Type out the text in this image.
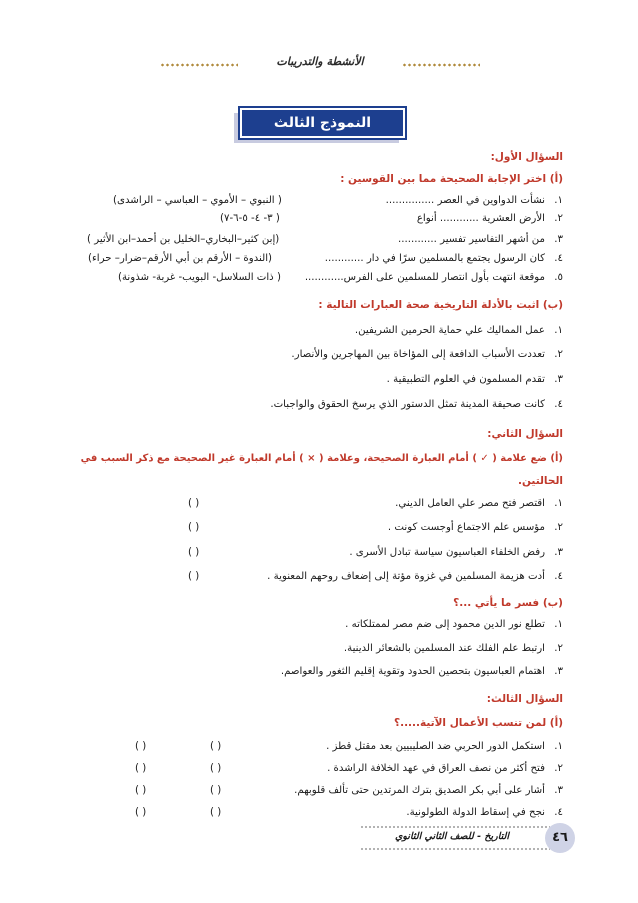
الأنشطة والتدريبات
النموذج الثالث
السؤال الأول:
(أ) اختر الإجابة الصحيحة مما بين القوسين :
١.نشأت الدواوين في العصر ...............
( النبوي – الأموي – العباسي – الراشدى)
٢.الأرض العشرية ............ أنواع
( ٣- ٤- ٥-٦-٧)
٣.من أشهر التفاسير تفسير ............
(إبن كثير–البخاري–الخليل بن أحمد–ابن الأثير )
٤.كان الرسول يجتمع بالمسلمين سرًا في دار ............
(الندوة – الأرقم بن أبي الأرقم–ضرار– حراء)
٥.موقعة انتهت بأول انتصار للمسلمين على الفرس............
( ذات السلاسل- البويب- غربة- شذونة)
(ب) اثبت بالأدلة التاريخية صحة العبارات التالية :
١.عمل المماليك علي حماية الحرمين الشريفين.
٢.تعددت الأسباب الدافعة إلى المؤاخاة بين المهاجرين والأنصار.
٣.تقدم المسلمون في العلوم التطبيقية .
٤.كانت صحيفة المدينة تمثل الدستور الذي يرسخ الحقوق والواجبات.
السؤال الثاني:
(أ) ضع علامة ( ✓ ) أمام العبارة الصحيحة، وعلامة ( × ) أمام العبارة غير الصحيحة مع ذكر السبب في
الحالتين.
١.اقتصر فتح مصر علي العامل الديني.
( )
٢.مؤسس علم الاجتماع أوجست كونت .
( )
٣.رفض الخلفاء العباسيون سياسة تبادل الأسرى .
( )
٤.أدت هزيمة المسلمين في غزوة مؤتة إلى إضعاف روحهم المعنوية .
( )
(ب) فسر ما يأتي ...؟
١.تطلع نور الدين محمود إلى ضم مصر لممتلكاته .
٢.ارتبط علم الفلك عند المسلمين بالشعائر الدينية.
٣.اهتمام العباسيون بتحصين الحدود وتقوية إقليم الثغور والعواصم.
السؤال الثالث:
(أ) لمن تنسب الأعمال الآتية.....؟
١.استكمل الدور الحربي ضد الصليبيين بعد مقتل قطز .
( )	( )
٢.فتح أكثر من نصف العراق في عهد الخلافة الراشدة .
( )	( )
٣.أشار على أبي بكر الصديق بترك المرتدين حتى تألف قلوبهم.
( )	( )
٤.نجح في إسقاط الدولة الطولونية.
( )	( )
التاريخ - للصف الثاني الثانوي	٤٦
